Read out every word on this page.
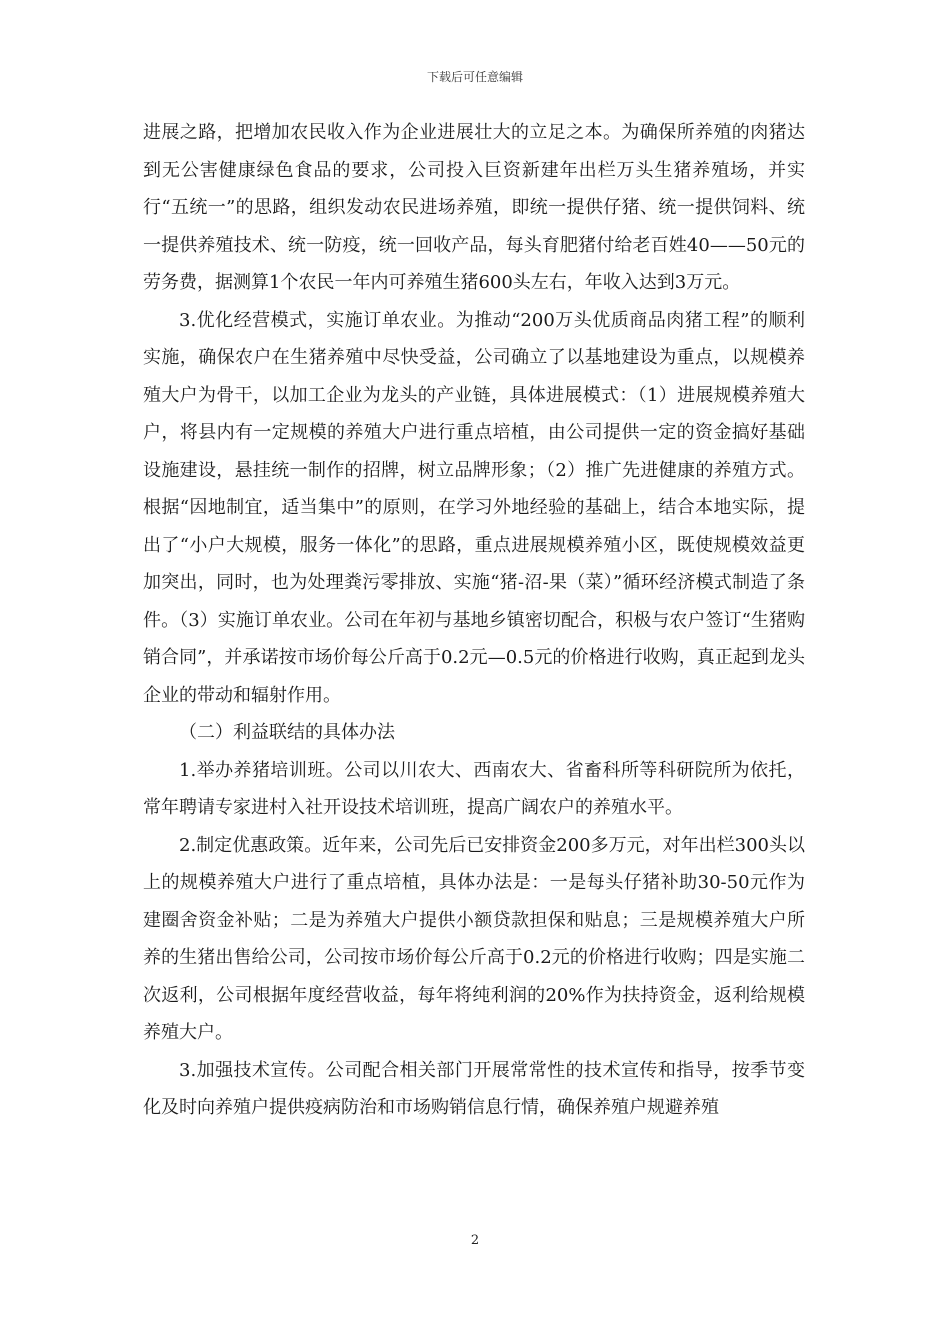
下载后可任意编辑

进展之路，把增加农民收入作为企业进展壮大的立足之本。为确保所养殖的肉猪达到无公害健康绿色食品的要求，公司投入巨资新建年出栏万头生猪养殖场，并实行“五统一”的思路，组织发动农民进场养殖，即统一提供仔猪、统一提供饲料、统一提供养殖技术、统一防疫，统一回收产品，每头育肥猪付给老百姓40——50元的劳务费，据测算1个农民一年内可养殖生猪600头左右，年收入达到3万元。

3.优化经营模式，实施订单农业。为推动“200万头优质商品肉猪工程”的顺利实施，确保农户在生猪养殖中尽快受益，公司确立了以基地建设为重点，以规模养殖大户为骨干，以加工企业为龙头的产业链，具体进展模式：（1）进展规模养殖大户，将县内有一定规模的养殖大户进行重点培植，由公司提供一定的资金搞好基础设施建设，悬挂统一制作的招牌，树立品牌形象；（2）推广先进健康的养殖方式。根据“因地制宜，适当集中”的原则，在学习外地经验的基础上，结合本地实际，提出了“小户大规模，服务一体化”的思路，重点进展规模养殖小区，既使规模效益更加突出，同时，也为处理粪污零排放、实施“猪-沼-果（菜）”循环经济模式制造了条件。（3）实施订单农业。公司在年初与基地乡镇密切配合，积极与农户签订“生猪购销合同”，并承诺按市场价每公斤高于0.2元—0.5元的价格进行收购，真正起到龙头企业的带动和辐射作用。

（二）利益联结的具体办法

1.举办养猪培训班。公司以川农大、西南农大、省畜科所等科研院所为依托，常年聘请专家进村入社开设技术培训班，提高广阔农户的养殖水平。

2.制定优惠政策。近年来，公司先后已安排资金200多万元，对年出栏300头以上的规模养殖大户进行了重点培植，具体办法是：一是每头仔猪补助30-50元作为建圈舍资金补贴；二是为养殖大户提供小额贷款担保和贴息；三是规模养殖大户所养的生猪出售给公司，公司按市场价每公斤高于0.2元的价格进行收购；四是实施二次返利，公司根据年度经营收益，每年将纯利润的20%作为扶持资金，返利给规模养殖大户。

3.加强技术宣传。公司配合相关部门开展常常性的技术宣传和指导，按季节变化及时向养殖户提供疫病防治和市场购销信息行情，确保养殖户规避养殖

2
